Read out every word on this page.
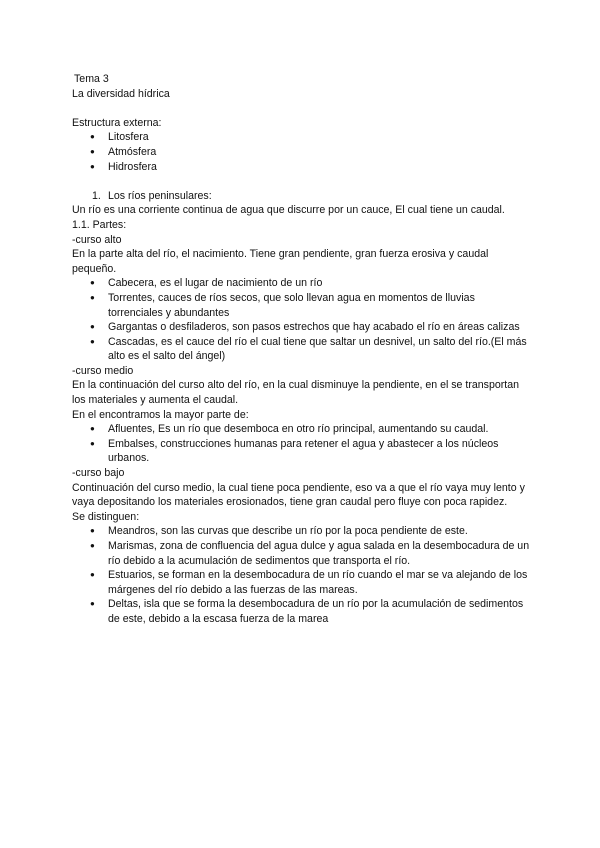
Tema 3

La diversidad hídrica

Estructura externa:

● Litosfera
● Atmósfera
● Hidrosfera
1. Los ríos peninsulares:

Un río es una corriente continua de agua que discurre por un cauce, El cual tiene un caudal.

1.1. Partes:

-curso alto

En la parte alta del río, el nacimiento. Tiene gran pendiente, gran fuerza erosiva y caudal pequeño.

● Cabecera, es el lugar de nacimiento de un río
● Torrentes, cauces de ríos secos, que solo llevan agua en momentos de lluvias torrenciales y abundantes
● Gargantas o desfiladeros, son pasos estrechos que hay acabado el río en áreas calizas
● Cascadas, es el cauce del río el cual tiene que saltar un desnivel, un salto del río.(El más alto es el salto del ángel)

-curso medio

En la continuación del curso alto del río, en la cual disminuye la pendiente, en el se transportan los materiales y aumenta el caudal.

En el encontramos la mayor parte de:

● Afluentes, Es un río que desemboca en otro río principal, aumentando su caudal.
● Embalses, construcciones humanas para retener el agua y abastecer a los núcleos urbanos.

-curso bajo

Continuación del curso medio, la cual tiene poca pendiente, eso va a que el río vaya muy lento y vaya depositando los materiales erosionados, tiene gran caudal pero fluye con poca rapidez.

Se distinguen:

● Meandros, son las curvas que describe un río por la poca pendiente de este.
● Marismas, zona de confluencia del agua dulce y agua salada en la desembocadura de un río debido a la acumulación de sedimentos que transporta el río.
● Estuarios, se forman en la desembocadura de un río cuando el mar se va alejando de los márgenes del río debido a las fuerzas de las mareas.
● Deltas, isla que se forma la desembocadura de un río por la acumulación de sedimentos de este, debido a la escasa fuerza de la marea
